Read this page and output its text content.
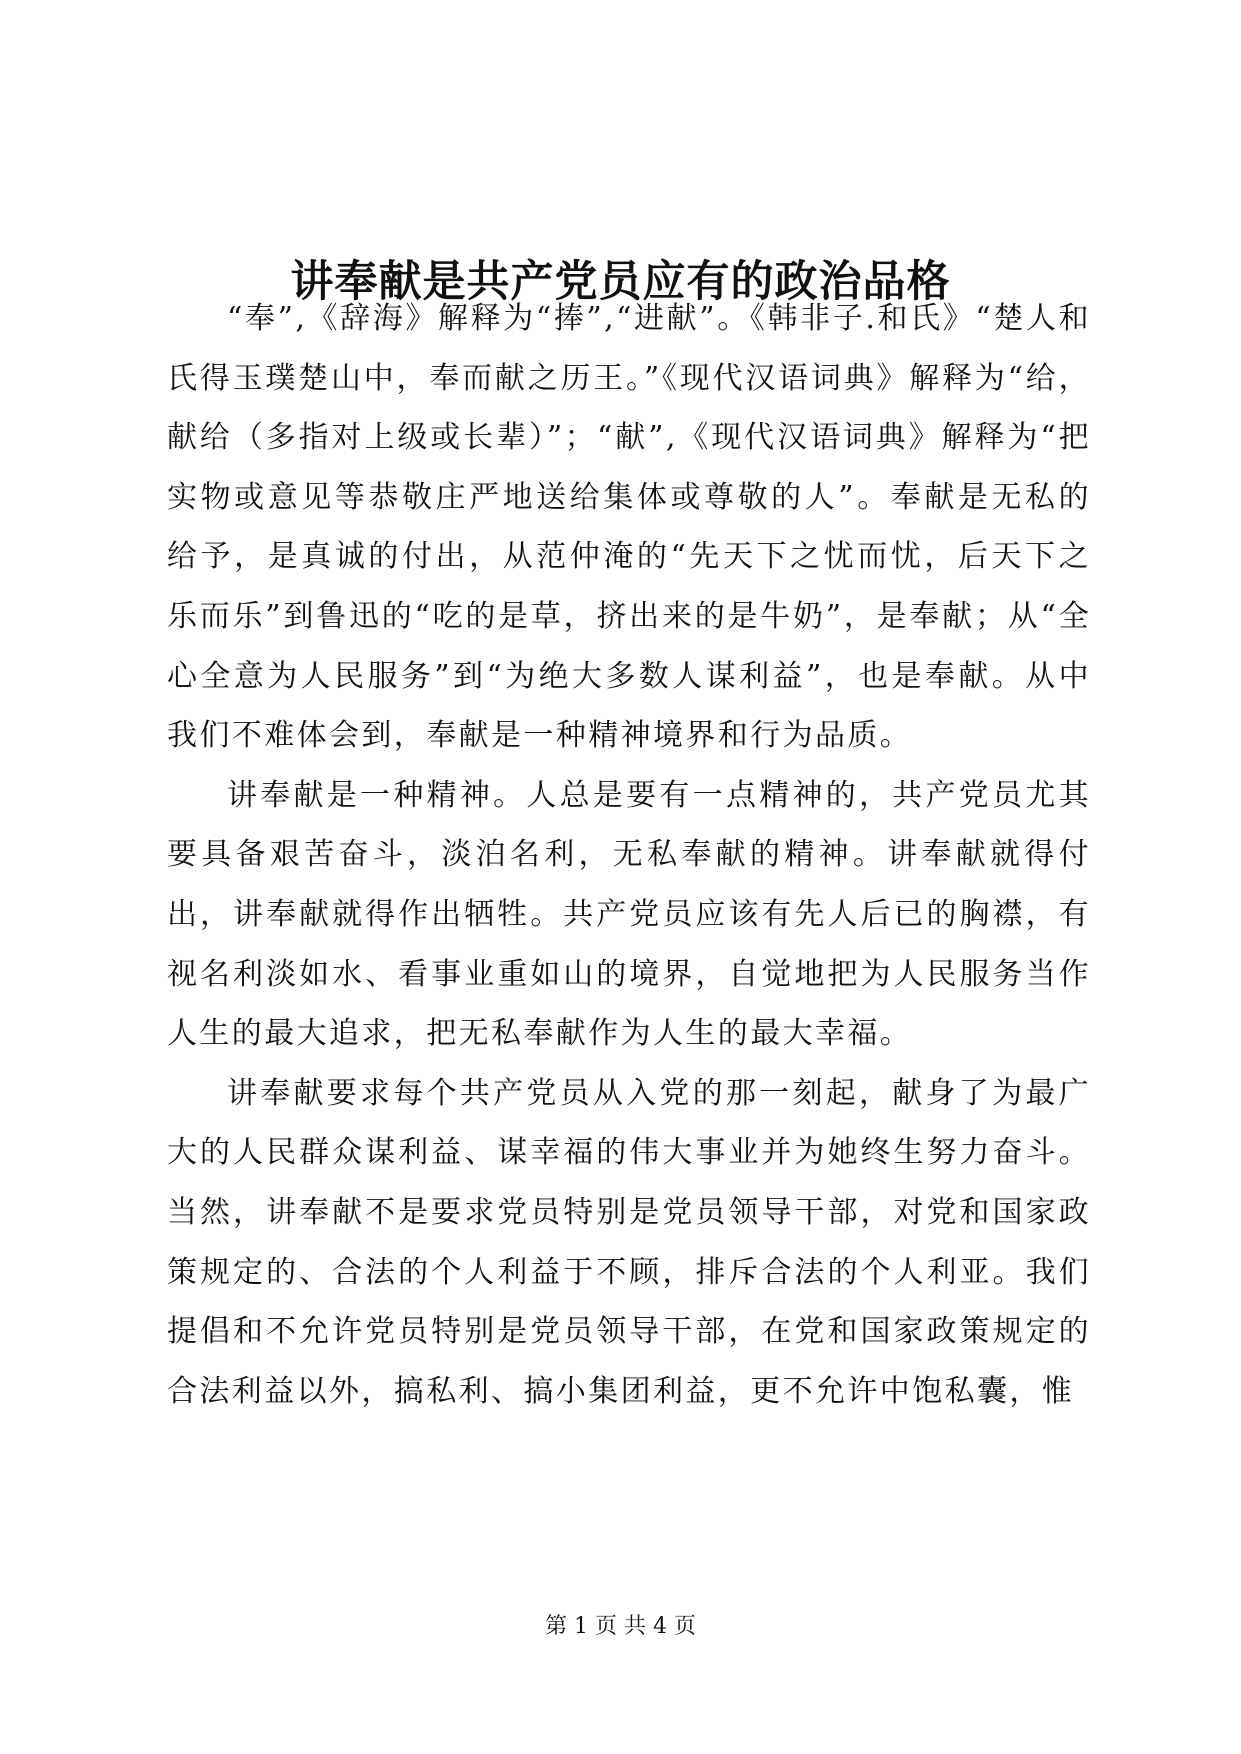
讲奉献是共产党员应有的政治品格

“奉”,《辞海》解释为“捧”,“进献”。《韩非子.和氏》“楚人和氏得玉璞楚山中，奉而献之历王。”《现代汉语词典》解释为“给，献给（多指对上级或长辈）”；“献”,《现代汉语词典》解释为“把实物或意见等恭敬庄严地送给集体或尊敬的人”。奉献是无私的给予，是真诚的付出，从范仲淹的“先天下之忧而忧，后天下之乐而乐”到鲁迅的“吃的是草，挤出来的是牛奶”，是奉献；从“全心全意为人民服务”到“为绝大多数人谋利益”，也是奉献。从中我们不难体会到，奉献是一种精神境界和行为品质。

讲奉献是一种精神。人总是要有一点精神的，共产党员尤其要具备艰苦奋斗，淡泊名利，无私奉献的精神。讲奉献就得付出，讲奉献就得作出牺牲。共产党员应该有先人后已的胸襟，有视名利淡如水、看事业重如山的境界，自觉地把为人民服务当作人生的最大追求，把无私奉献作为人生的最大幸福。

讲奉献要求每个共产党员从入党的那一刻起，献身了为最广大的人民群众谋利益、谋幸福的伟大事业并为她终生努力奋斗。当然，讲奉献不是要求党员特别是党员领导干部，对党和国家政策规定的、合法的个人利益于不顾，排斥合法的个人利亚。我们提倡和不允许党员特别是党员领导干部，在党和国家政策规定的合法利益以外，搞私利、搞小集团利益，更不允许中饱私囊，惟

第 1 页 共 4 页
